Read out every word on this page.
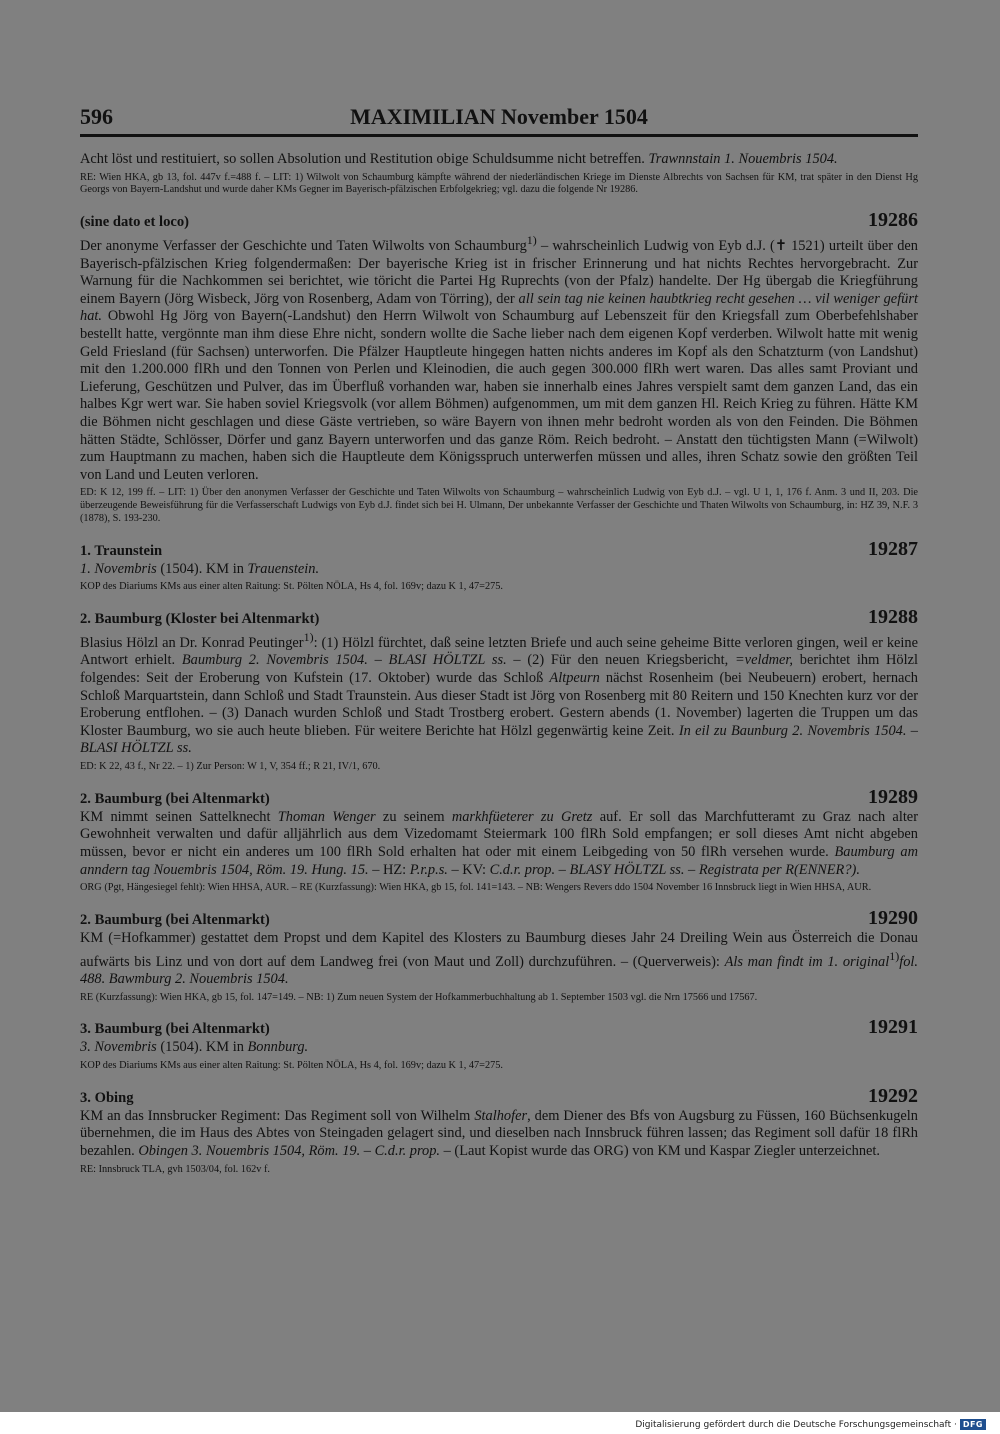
596	MAXIMILIAN November 1504
Acht löst und restituiert, so sollen Absolution und Restitution obige Schuldsumme nicht betreffen. Trawnnstain 1. Nouembris 1504.
RE: Wien HKA, gb 13, fol. 447v f.=488 f. – LIT: 1) Wilwolt von Schaumburg kämpfte während der niederländischen Kriege im Dienste Albrechts von Sachsen für KM, trat später in den Dienst Hg Georgs von Bayern-Landshut und wurde daher KMs Gegner im Bayerisch-pfälzischen Erbfolgekrieg; vgl. dazu die folgende Nr 19286.
(sine dato et loco)	19286
Der anonyme Verfasser der Geschichte und Taten Wilwolts von Schaumburg$^{1)}$ – wahrscheinlich Ludwig von Eyb d.J. (✝ 1521) urteilt über den Bayerisch-pfälzischen Krieg folgendermaßen: Der bayerische Krieg ist in frischer Erinnerung und hat nichts Rechtes hervorgebracht. Zur Warnung für die Nachkommen sei berichtet, wie töricht die Partei Hg Ruprechts (von der Pfalz) handelte. Der Hg übergab die Kriegführung einem Bayern (Jörg Wisbeck, Jörg von Rosenberg, Adam von Törring), der all sein tag nie keinen haubtkrieg recht gesehen … vil weniger gefürt hat. Obwohl Hg Jörg von Bayern(-Landshut) den Herrn Wilwolt von Schaumburg auf Lebenszeit für den Kriegsfall zum Oberbefehlshaber bestellt hatte, vergönnte man ihm diese Ehre nicht, sondern wollte die Sache lieber nach dem eigenen Kopf verderben. Wilwolt hatte mit wenig Geld Friesland (für Sachsen) unterworfen. Die Pfälzer Hauptleute hingegen hatten nichts anderes im Kopf als den Schatzturm (von Landshut) mit den 1.200.000 flRh und den Tonnen von Perlen und Kleinodien, die auch gegen 300.000 flRh wert waren. Das alles samt Proviant und Lieferung, Geschützen und Pulver, das im Überfluß vorhanden war, haben sie innerhalb eines Jahres verspielt samt dem ganzen Land, das ein halbes Kgr wert war. Sie haben soviel Kriegsvolk (vor allem Böhmen) aufgenommen, um mit dem ganzen Hl. Reich Krieg zu führen. Hätte KM die Böhmen nicht geschlagen und diese Gäste vertrieben, so wäre Bayern von ihnen mehr bedroht worden als von den Feinden. Die Böhmen hätten Städte, Schlösser, Dörfer und ganz Bayern unterworfen und das ganze Röm. Reich bedroht. – Anstatt den tüchtigsten Mann (=Wilwolt) zum Hauptmann zu machen, haben sich die Hauptleute dem Königsspruch unterwerfen müssen und alles, ihren Schatz sowie den größten Teil von Land und Leuten verloren.
ED: K 12, 199 ff. – LIT: 1) Über den anonymen Verfasser der Geschichte und Taten Wilwolts von Schaumburg – wahrscheinlich Ludwig von Eyb d.J. – vgl. U 1, 1, 176 f. Anm. 3 und II, 203. Die überzeugende Beweisführung für die Verfasserschaft Ludwigs von Eyb d.J. findet sich bei H. Ulmann, Der unbekannte Verfasser der Geschichte und Thaten Wilwolts von Schaumburg, in: HZ 39, N.F. 3 (1878), S. 193-230.
1. Traunstein	19287
1. Novembris (1504). KM in Trauenstein.
KOP des Diariums KMs aus einer alten Raitung: St. Pölten NÖLA, Hs 4, fol. 169v; dazu K 1, 47=275.
2. Baumburg (Kloster bei Altenmarkt)	19288
Blasius Hölzl an Dr. Konrad Peutinger$^{1)}$: (1) Hölzl fürchtet, daß seine letzten Briefe und auch seine geheime Bitte verloren gingen, weil er keine Antwort erhielt. Baumburg 2. Novembris 1504. – BLASI HÖLTZL ss. – (2) Für den neuen Kriegsbericht, =veldmer, berichtet ihm Hölzl folgendes: Seit der Eroberung von Kufstein (17. Oktober) wurde das Schloß Altpeurn nächst Rosenheim (bei Neubeuern) erobert, hernach Schloß Marquartstein, dann Schloß und Stadt Traunstein. Aus dieser Stadt ist Jörg von Rosenberg mit 80 Reitern und 150 Knechten kurz vor der Eroberung entflohen. – (3) Danach wurden Schloß und Stadt Trostberg erobert. Gestern abends (1. November) lagerten die Truppen um das Kloster Baumburg, wo sie auch heute blieben. Für weitere Berichte hat Hölzl gegenwärtig keine Zeit. In eil zu Baunburg 2. Novembris 1504. – BLASI HÖLTZL ss.
ED: K 22, 43 f., Nr 22. – 1) Zur Person: W 1, V, 354 ff.; R 21, IV/1, 670.
2. Baumburg (bei Altenmarkt)	19289
KM nimmt seinen Sattelknecht Thoman Wenger zu seinem markhfüeterer zu Gretz auf. Er soll das Marchfutteramt zu Graz nach alter Gewohnheit verwalten und dafür alljährlich aus dem Vizedomamt Steiermark 100 flRh Sold empfangen; er soll dieses Amt nicht abgeben müssen, bevor er nicht ein anderes um 100 flRh Sold erhalten hat oder mit einem Leibgeding von 50 flRh versehen wurde. Baumburg am anndern tag Nouembris 1504, Röm. 19. Hung. 15. – HZ: P.r.p.s. – KV: C.d.r. prop. – BLASY HÖLTZL ss. – Registrata per R(ENNER?).
ORG (Pgt, Hängesiegel fehlt): Wien HHSA, AUR. – RE (Kurzfassung): Wien HKA, gb 15, fol. 141=143. – NB: Wengers Revers ddo 1504 November 16 Innsbruck liegt in Wien HHSA, AUR.
2. Baumburg (bei Altenmarkt)	19290
KM (=Hofkammer) gestattet dem Propst und dem Kapitel des Klosters zu Baumburg dieses Jahr 24 Dreiling Wein aus Österreich die Donau aufwärts bis Linz und von dort auf dem Landweg frei (von Maut und Zoll) durchzuführen. – (Querverweis): Als man findt im 1. original$^{1)}$fol. 488. Bawmburg 2. Nouembris 1504.
RE (Kurzfassung): Wien HKA, gb 15, fol. 147=149. – NB: 1) Zum neuen System der Hofkammerbuchhaltung ab 1. September 1503 vgl. die Nrn 17566 und 17567.
3. Baumburg (bei Altenmarkt)	19291
3. Novembris (1504). KM in Bonnburg.
KOP des Diariums KMs aus einer alten Raitung: St. Pölten NÖLA, Hs 4, fol. 169v; dazu K 1, 47=275.
3. Obing	19292
KM an das Innsbrucker Regiment: Das Regiment soll von Wilhelm Stalhofer, dem Diener des Bfs von Augsburg zu Füssen, 160 Büchsenkugeln übernehmen, die im Haus des Abtes von Steingaden gelagert sind, und dieselben nach Innsbruck führen lassen; das Regiment soll dafür 18 flRh bezahlen. Obingen 3. Nouembris 1504, Röm. 19. – C.d.r. prop. – (Laut Kopist wurde das ORG) von KM und Kaspar Ziegler unterzeichnet.
RE: Innsbruck TLA, gvh 1503/04, fol. 162v f.
Digitalisierung gefördert durch die Deutsche Forschungsgemeinschaft · DFG
